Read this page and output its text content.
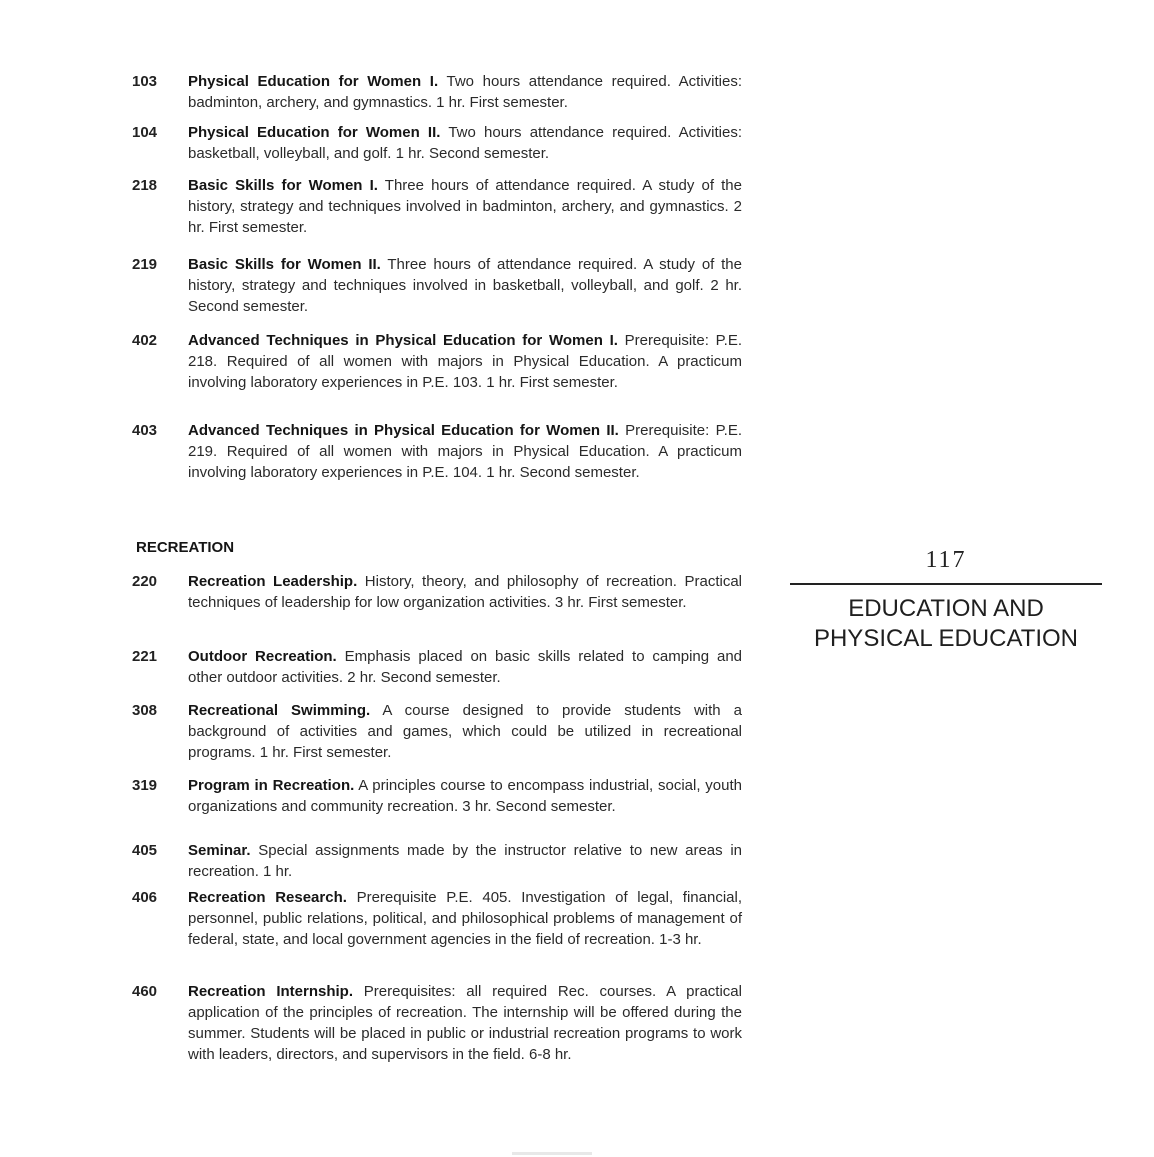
103	Physical Education for Women I. Two hours attendance required. Activities: badminton, archery, and gymnastics. 1 hr. First semester.
104	Physical Education for Women II. Two hours attendance required. Activities: basketball, volleyball, and golf. 1 hr. Second semester.
218	Basic Skills for Women I. Three hours of attendance required. A study of the history, strategy and techniques involved in badminton, archery, and gymnastics. 2 hr. First semester.
219	Basic Skills for Women II. Three hours of attendance required. A study of the history, strategy and techniques involved in basketball, volleyball, and golf. 2 hr. Second semester.
402	Advanced Techniques in Physical Education for Women I. Prerequisite: P.E. 218. Required of all women with majors in Physical Education. A practicum involving laboratory experiences in P.E. 103. 1 hr. First semester.
403	Advanced Techniques in Physical Education for Women II. Prerequisite: P.E. 219. Required of all women with majors in Physical Education. A practicum involving laboratory experiences in P.E. 104. 1 hr. Second semester.
RECREATION
220	Recreation Leadership. History, theory, and philosophy of recreation. Practical techniques of leadership for low organization activities. 3 hr. First semester.
221	Outdoor Recreation. Emphasis placed on basic skills related to camping and other outdoor activities. 2 hr. Second semester.
308	Recreational Swimming. A course designed to provide students with a background of activities and games, which could be utilized in recreational programs. 1 hr. First semester.
319	Program in Recreation. A principles course to encompass industrial, social, youth organizations and community recreation. 3 hr. Second semester.
405	Seminar. Special assignments made by the instructor relative to new areas in recreation. 1 hr.
406	Recreation Research. Prerequisite P.E. 405. Investigation of legal, financial, personnel, public relations, political, and philosophical problems of management of federal, state, and local government agencies in the field of recreation. 1-3 hr.
460	Recreation Internship. Prerequisites: all required Rec. courses. A practical application of the principles of recreation. The internship will be offered during the summer. Students will be placed in public or industrial recreation programs to work with leaders, directors, and supervisors in the field. 6-8 hr.
117
EDUCATION AND
PHYSICAL EDUCATION
